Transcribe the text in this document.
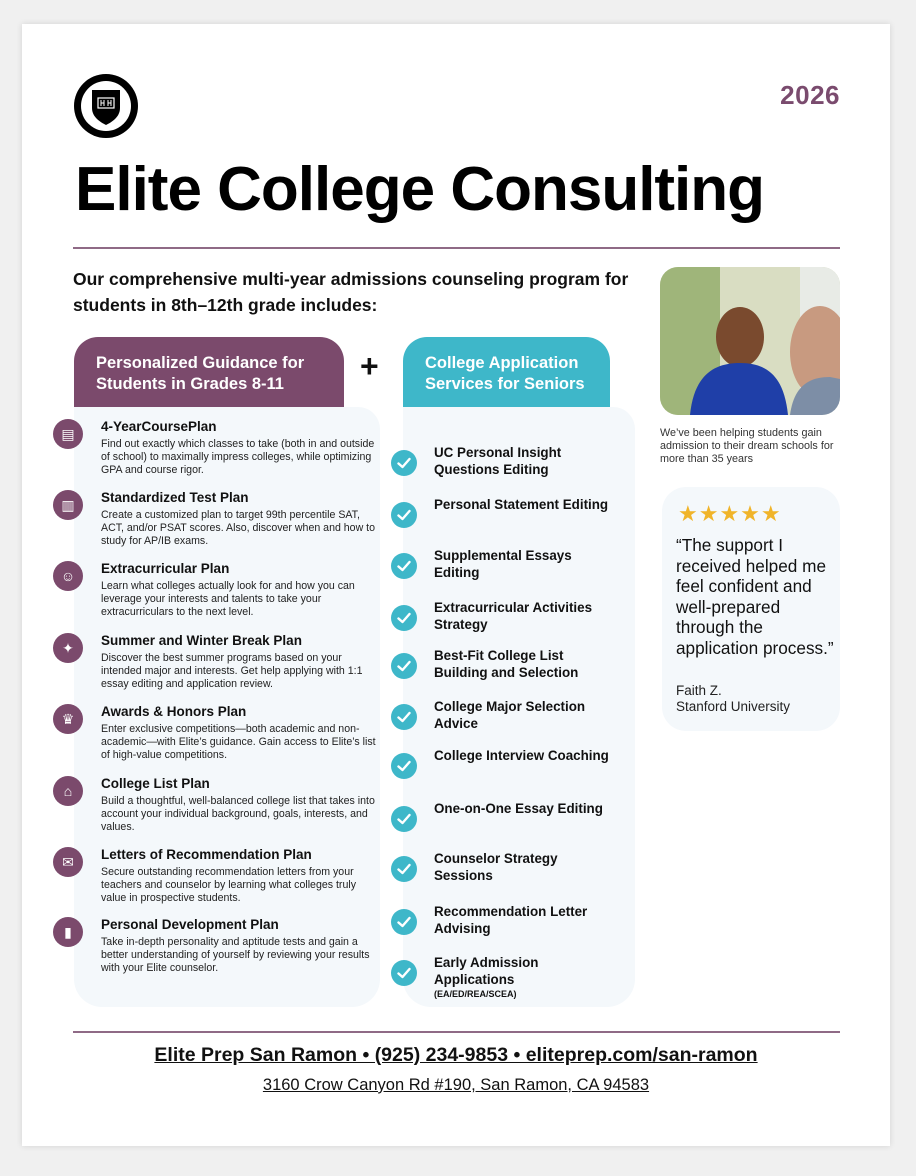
2026
Elite College Consulting
Our comprehensive multi-year admissions counseling program for students in 8th–12th grade includes:
Personalized Guidance for Students in Grades 8-11	+	College Application Services for Seniors
We’ve been helping students gain admission to their dream schools for more than 35 years
★★★★★
“The support I received helped me feel confident and well-prepared through the application process.”
Faith Z.
Stanford University
Elite Prep San Ramon • (925) 234-9853 • eliteprep.com/san-ramon
3160 Crow Canyon Rd #190, San Ramon, CA 94583
▤	4-YearCoursePlan

Find out exactly which classes to take (both in and outside of school) to maximally impress colleges, while optimizing GPA and course rigor.

▥	Standardized Test Plan

Create a customized plan to target 99th percentile SAT, ACT, and/or PSAT scores. Also, discover when and how to study for AP/IB exams.

☺	Extracurricular Plan

Learn what colleges actually look for and how you can leverage your interests and talents to take your extracurriculars to the next level.

✦	Summer and Winter Break Plan

Discover the best summer programs based on your intended major and interests. Get help applying with 1:1 essay editing and application review.

♛	Awards & Honors Plan

Enter exclusive competitions—both academic and non-academic—with Elite’s guidance. Gain access to Elite’s list of high-value competitions.

⌂	College List Plan

Build a thoughtful, well-balanced college list that takes into account your individual background, goals, interests, and values.

✉	Letters of Recommendation Plan

Secure outstanding recommendation letters from your teachers and counselor by learning what colleges truly value in prospective students.

▮	Personal Development Plan

Take in-depth personality and aptitude tests and gain a better understanding of yourself by reviewing your results with your Elite counselor.

UC Personal Insight Questions Editing
Personal Statement Editing
Supplemental Essays Editing
Extracurricular Activities Strategy
Best-Fit College List Building and Selection
College Major Selection Advice
College Interview Coaching
One-on-One Essay Editing
Counselor Strategy Sessions
Recommendation Letter Advising
Early Admission Applications
(EA/ED/REA/SCEA)
